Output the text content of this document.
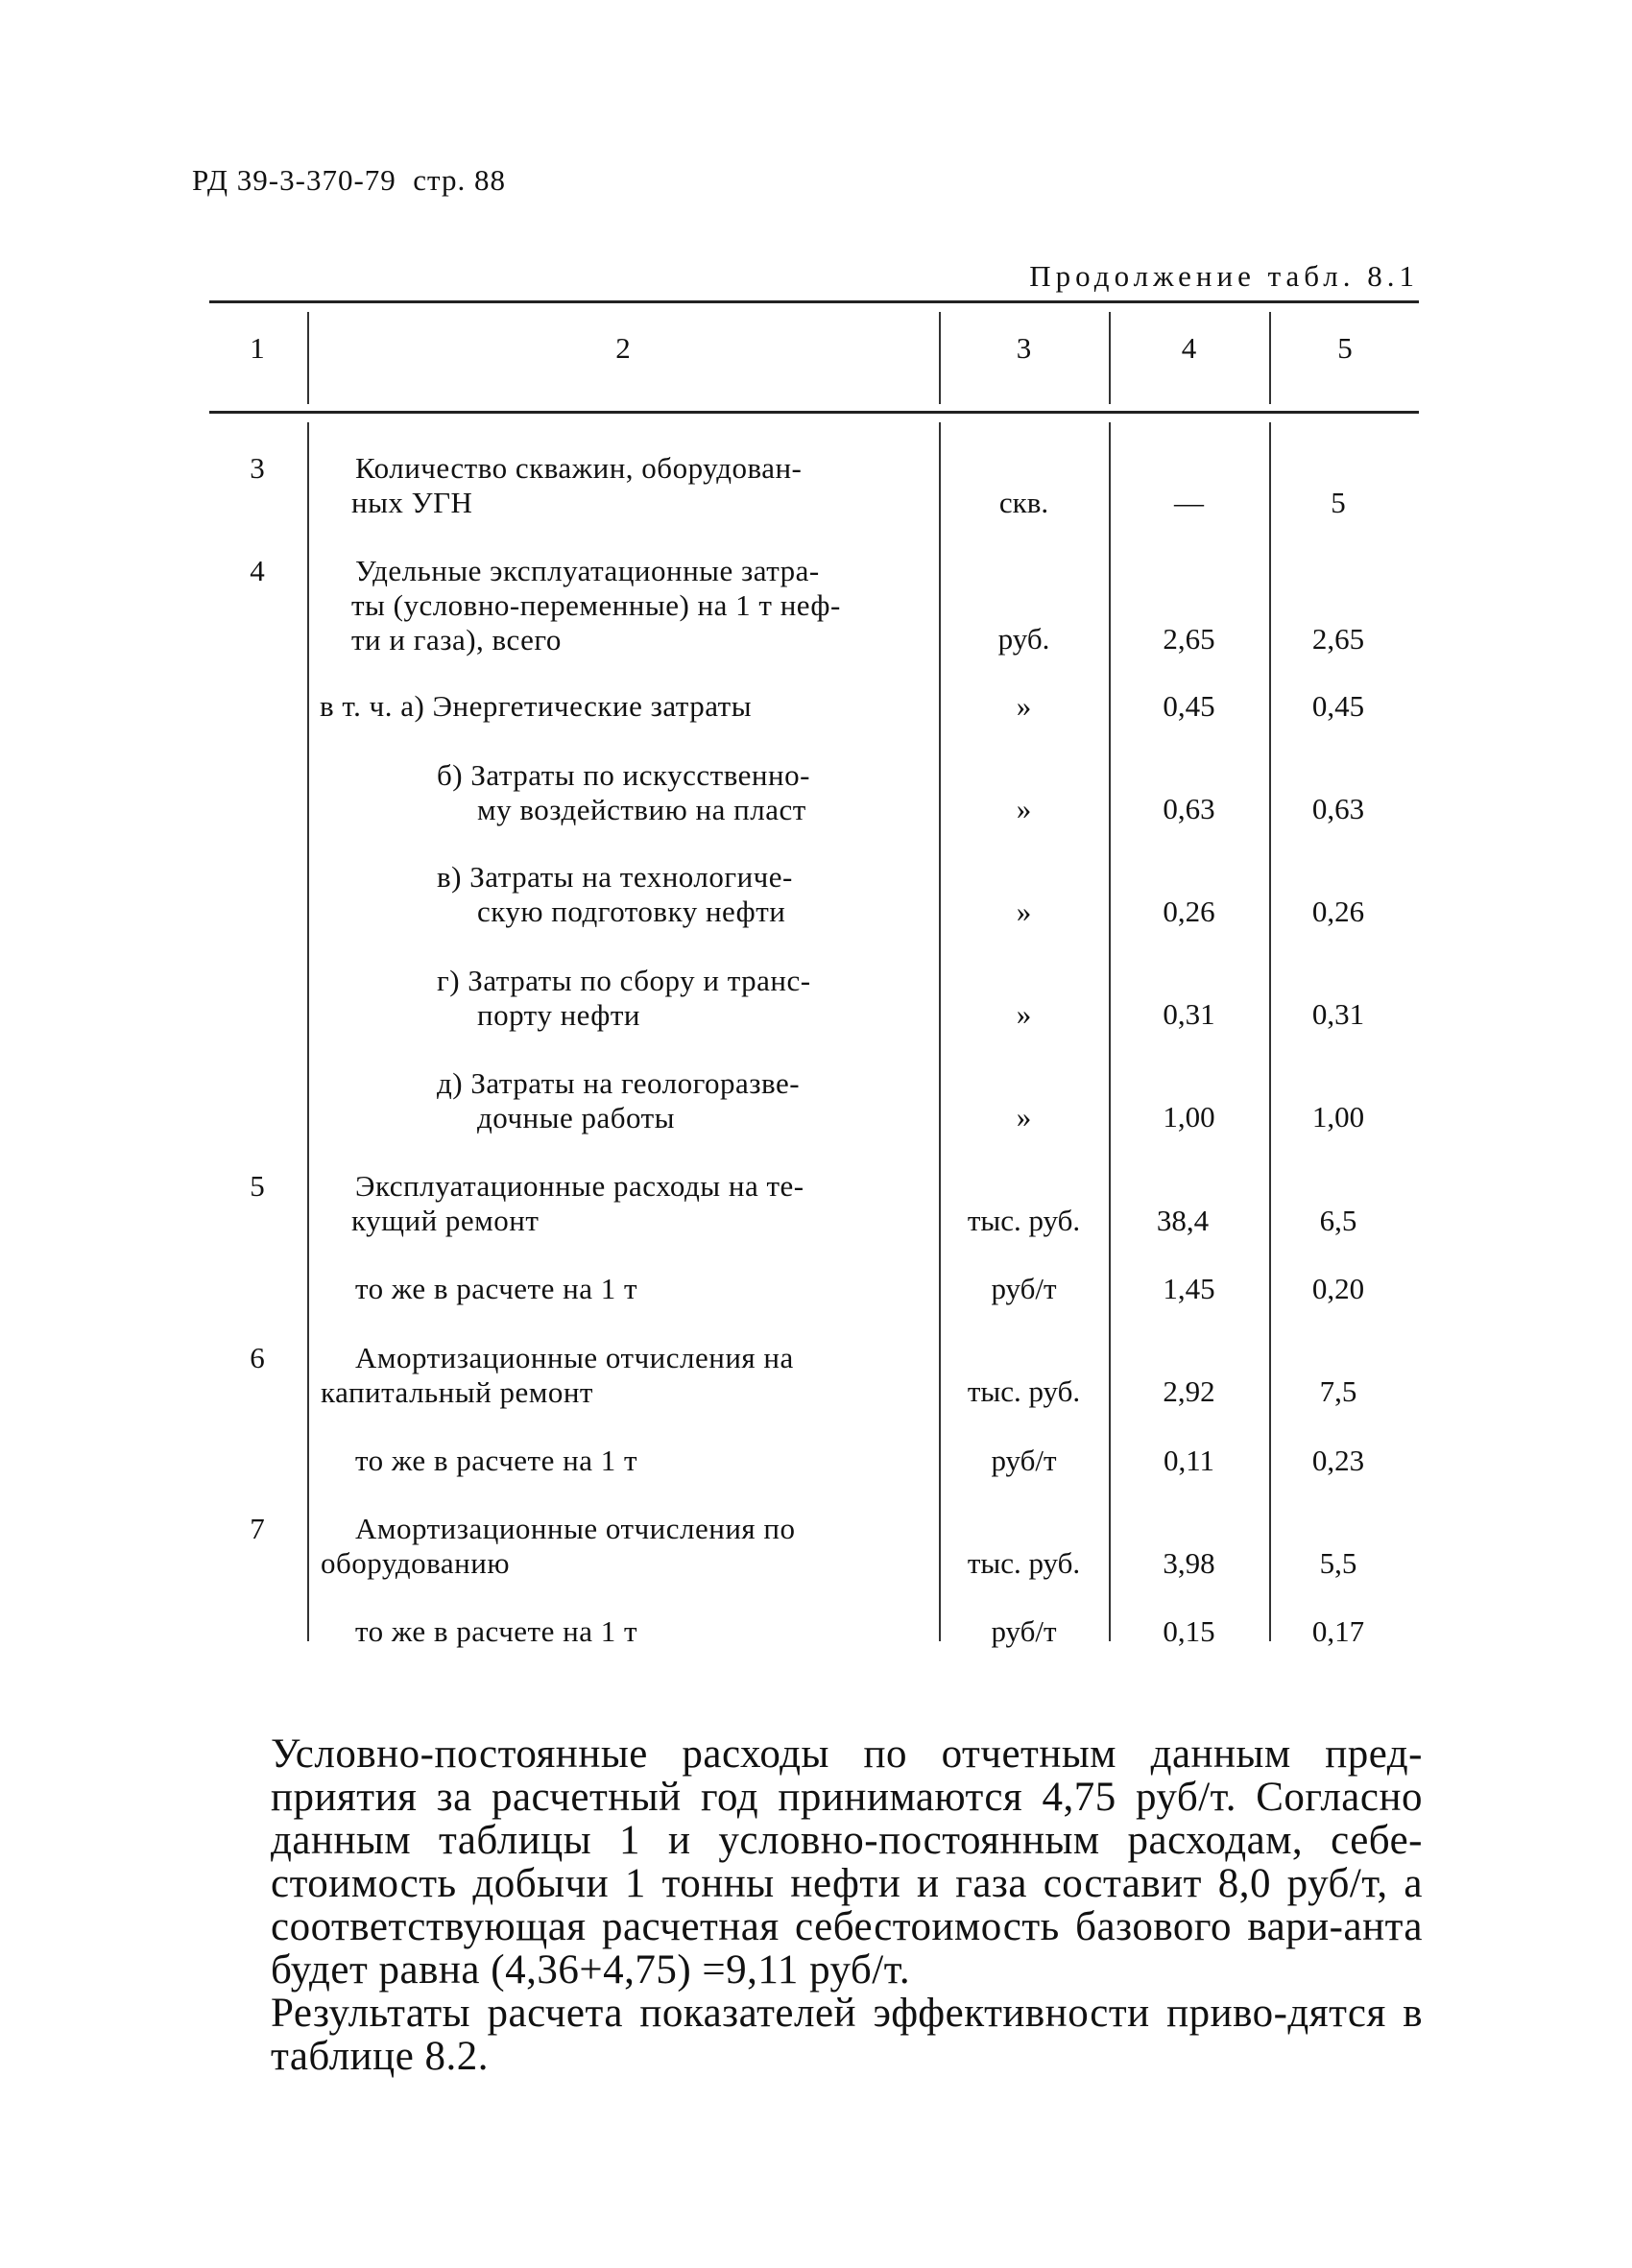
РД 39-3-370-79 стр. 88
Продолжение табл. 8.1
1	2	3	4	5
3	Количество скважин, оборудован-
ных УГН	скв.	—	5
4	Удельные эксплуатационные затра-
ты (условно-переменные) на 1 т неф-
ти и газа), всего	руб.	2,65	2,65
в т. ч. а) Энергетические затраты	»	0,45	0,45
б) Затраты по искусственно-
му воздействию на пласт	»	0,63	0,63
в) Затраты на технологиче-
скую подготовку нефти	»	0,26	0,26
г) Затраты по сбору и транс-
порту нефти	»	0,31	0,31
д) Затраты на геологоразве-
дочные работы	»	1,00	1,00
5	Эксплуатационные расходы на те-
кущий ремонт	тыс. руб.	38,4	6,5
то же в расчете на 1 т	руб/т	1,45	0,20
6	Амортизационные отчисления на
капитальный ремонт	тыс. руб.	2,92	7,5
то же в расчете на 1 т	руб/т	0,11	0,23
7	Амортизационные отчисления по
оборудованию	тыс. руб.	3,98	5,5
то же в расчете на 1 т	руб/т	0,15	0,17

Условно-постоянные расходы по отчетным данным пред-приятия за расчетный год принимаются 4,75 руб/т. Согласно данным таблицы 1 и условно-постоянным расходам, себе-стоимость добычи 1 тонны нефти и газа составит 8,0 руб/т, а соответствующая расчетная себестоимость базового вари-анта будет равна (4,36+4,75) =9,11 руб/т.

Результаты расчета показателей эффективности приво-дятся в таблице 8.2.
